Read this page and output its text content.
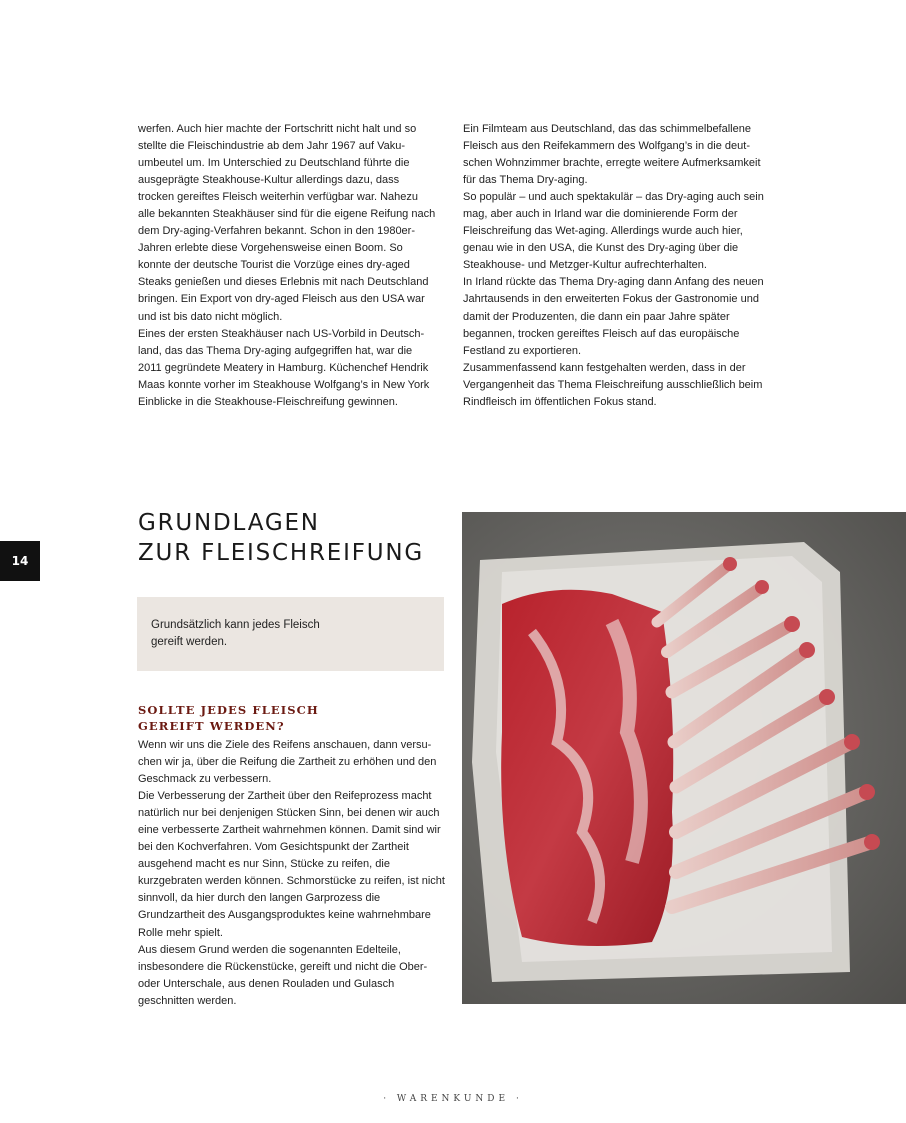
werfen. Auch hier machte der Fortschritt nicht halt und so stellte die Fleischindustrie ab dem Jahr 1967 auf Vakuumbeutel um. Im Unterschied zu Deutschland führte die ausgeprägte Steakhouse-Kultur allerdings dazu, dass trocken gereiftes Fleisch weiterhin verfügbar war. Nahezu alle bekannten Steakhäuser sind für die eigene Reifung nach dem Dry-aging-Verfahren bekannt. Schon in den 1980er-Jahren erlebte diese Vorgehensweise einen Boom. So konnte der deutsche Tourist die Vorzüge eines dry-aged Steaks genießen und dieses Erlebnis mit nach Deutschland bringen. Ein Export von dry-aged Fleisch aus den USA war und ist bis dato nicht möglich.

Eines der ersten Steakhäuser nach US-Vorbild in Deutschland, das das Thema Dry-aging aufgegriffen hat, war die 2011 gegründete Meatery in Hamburg. Küchenchef Hendrik Maas konnte vorher im Steakhouse Wolfgang’s in New York Einblicke in die Steakhouse-Fleischreifung gewinnen.

Ein Filmteam aus Deutschland, das das schimmelbefallene Fleisch aus den Reifekammern des Wolfgang’s in die deutschen Wohnzimmer brachte, erregte weitere Aufmerksamkeit für das Thema Dry-aging.

So populär – und auch spektakulär – das Dry-aging auch sein mag, aber auch in Irland war die dominierende Form der Fleischreifung das Wet-aging. Allerdings wurde auch hier, genau wie in den USA, die Kunst des Dry-aging über die Steakhouse- und Metzger-Kultur aufrechterhalten.

In Irland rückte das Thema Dry-aging dann Anfang des neuen Jahrtausends in den erweiterten Fokus der Gastronomie und damit der Produzenten, die dann ein paar Jahre später begannen, trocken gereiftes Fleisch auf das europäische Festland zu exportieren.

Zusammenfassend kann festgehalten werden, dass in der Vergangenheit das Thema Fleischreifung ausschließlich beim Rindfleisch im öffentlichen Fokus stand.

14
GRUNDLAGEN
ZUR FLEISCHREIFUNG

Grundsätzlich kann jedes Fleisch gereift werden.

SOLLTE JEDES FLEISCH
GEREIFT WERDEN?

Wenn wir uns die Ziele des Reifens anschauen, dann versuchen wir ja, über die Reifung die Zartheit zu erhöhen und den Geschmack zu verbessern.

Die Verbesserung der Zartheit über den Reifeprozess macht natürlich nur bei denjenigen Stücken Sinn, bei denen wir auch eine verbesserte Zartheit wahrnehmen können. Damit sind wir bei den Kochverfahren. Vom Gesichtspunkt der Zartheit ausgehend macht es nur Sinn, Stücke zu reifen, die kurzgebraten werden können. Schmorstücke zu reifen, ist nicht sinnvoll, da hier durch den langen Garprozess die Grundzartheit des Ausgangsproduktes keine wahrnehmbare Rolle mehr spielt.

Aus diesem Grund werden die sogenannten Edelteile, insbesondere die Rückenstücke, gereift und nicht die Ober- oder Unterschale, aus denen Rouladen und Gulasch geschnitten werden.

· WARENKUNDE ·
